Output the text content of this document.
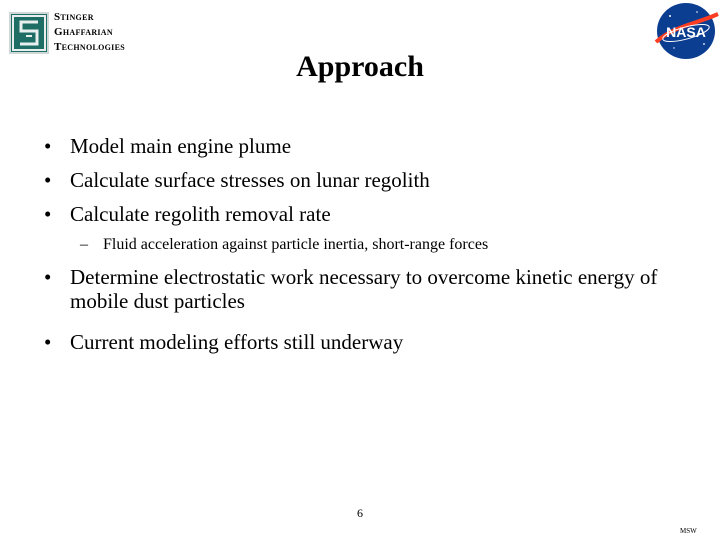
Stinger
Ghaffarian
Technologies
NASA
Approach
• Model main engine plume
• Calculate surface stresses on lunar regolith
• Calculate regolith removal rate
– Fluid acceleration against particle inertia, short-range forces
• Determine electrostatic work necessary to overcome kinetic energy of mobile dust particles
• Current modeling efforts still underway
6
MSW
